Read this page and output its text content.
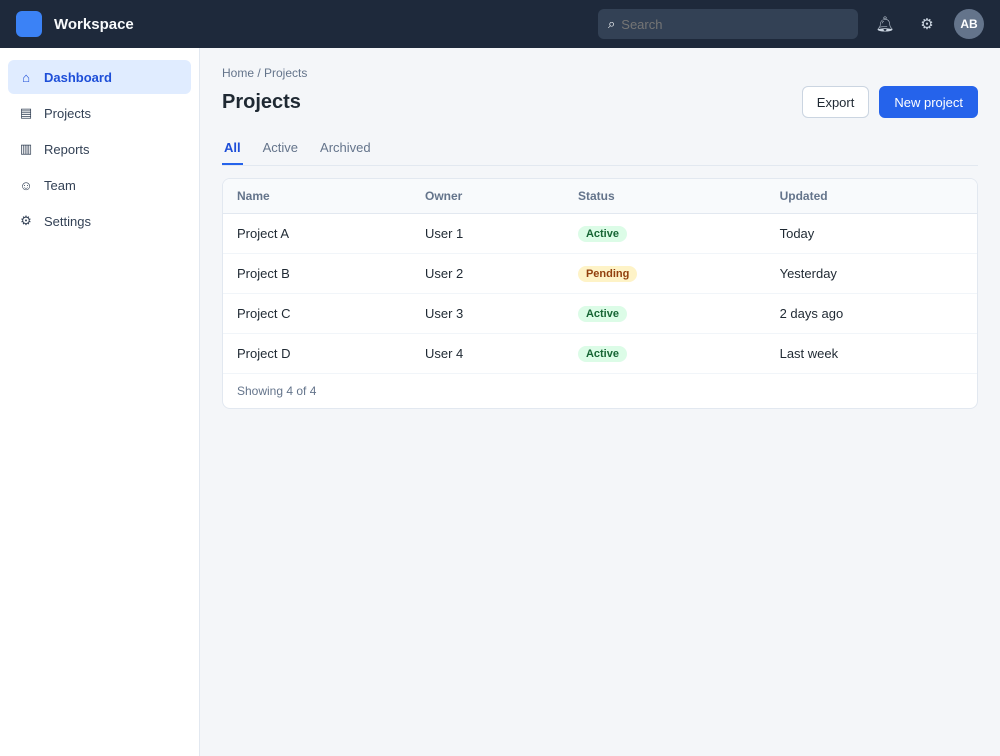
Workspace	⌕
Search	🔔︎	⚙	AB
⌂	Dashboard
▤ Projects
▥ Reports
☺ Team
⚙ Settings
Home / Projects
Projects	Export	New project
All Active Archived
Name	Owner	Status	Updated
Project A	User 1	Active	Today
Project B	User 2	Pending	Yesterday
Project C	User 3	Active	2 days ago
Project D	User 4	Active	Last week
Showing 4 of 4
